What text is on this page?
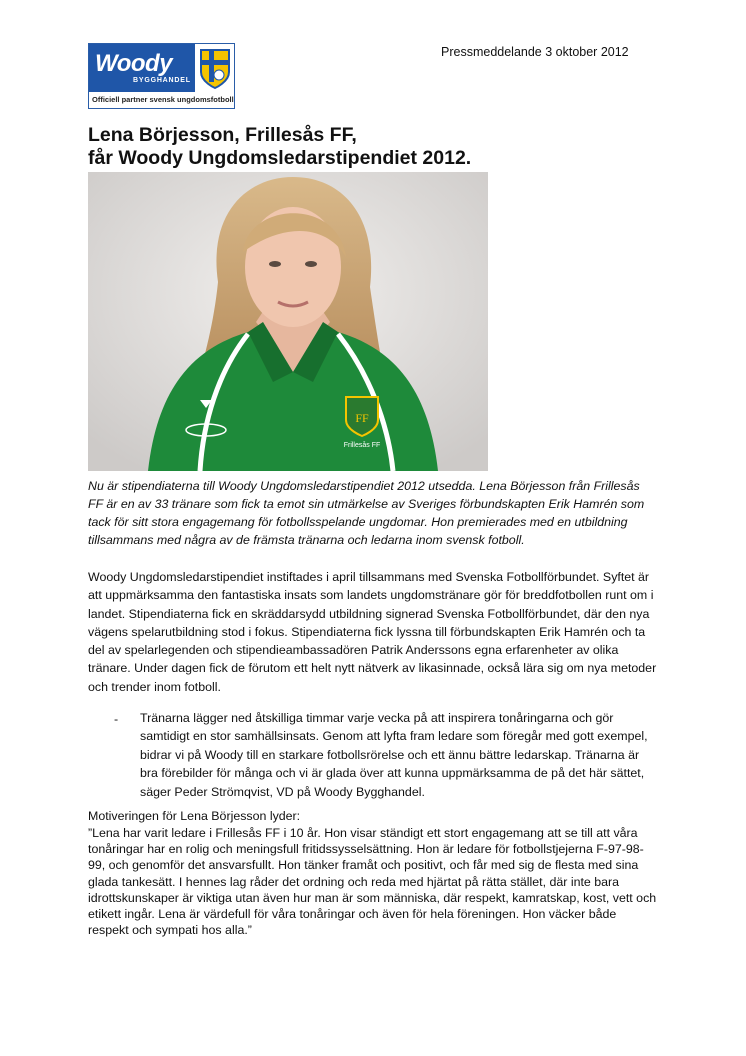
Woody
BYGGHANDEL
Officiell partner svensk ungdomsfotboll
Pressmeddelande 3 oktober 2012
Lena Börjesson, Frillesås FF,
får Woody Ungdomsledarstipendiet 2012.
FF
Frillesås FF

Nu är stipendiaterna till Woody Ungdomsledarstipendiet 2012 utsedda. Lena Börjesson från Frillesås FF är en av 33 tränare som fick ta emot sin utmärkelse av Sveriges förbundskapten Erik Hamrén som tack för sitt stora engagemang för fotbollsspelande ungdomar. Hon premierades med en utbildning tillsammans med några av de främsta tränarna och ledarna inom svensk fotboll.

Woody Ungdomsledarstipendiet instiftades i april tillsammans med Svenska Fotbollförbundet. Syftet är att uppmärksamma den fantastiska insats som landets ungdomstränare gör för breddfotbollen runt om i landet. Stipendiaterna fick en skräddarsydd utbildning signerad Svenska Fotbollförbundet, där den nya vägens spelarutbildning stod i fokus. Stipendiaterna fick lyssna till förbundskapten Erik Hamrén och ta del av spelarlegenden och stipendieambassadören Patrik Anderssons egna erfarenheter av olika tränare. Under dagen fick de förutom ett helt nytt nätverk av likasinnade, också lära sig om nya metoder och trender inom fotboll.

- Tränarna lägger ned åtskilliga timmar varje vecka på att inspirera tonåringarna och gör samtidigt en stor samhällsinsats. Genom att lyfta fram ledare som föregår med gott exempel, bidrar vi på Woody till en starkare fotbollsrörelse och ett ännu bättre ledarskap. Tränarna är bra förebilder för många och vi är glada över att kunna uppmärksamma de på det här sättet, säger Peder Strömqvist, VD på Woody Bygghandel.

Motiveringen för Lena Börjesson lyder:

”Lena har varit ledare i Frillesås FF i 10 år. Hon visar ständigt ett stort engagemang att se till att våra tonåringar har en rolig och meningsfull fritidssysselsättning. Hon är ledare för fotbollstjejerna F-97-98-99, och genomför det ansvarsfullt. Hon tänker framåt och positivt, och får med sig de flesta med sina glada tankesätt. I hennes lag råder det ordning och reda med hjärtat på rätta stället, där inte bara idrottskunskaper är viktiga utan även hur man är som människa, där respekt, kamratskap, kost, vett och etikett ingår. Lena är värdefull för våra tonåringar och även för hela föreningen. Hon väcker både respekt och sympati hos alla.”
